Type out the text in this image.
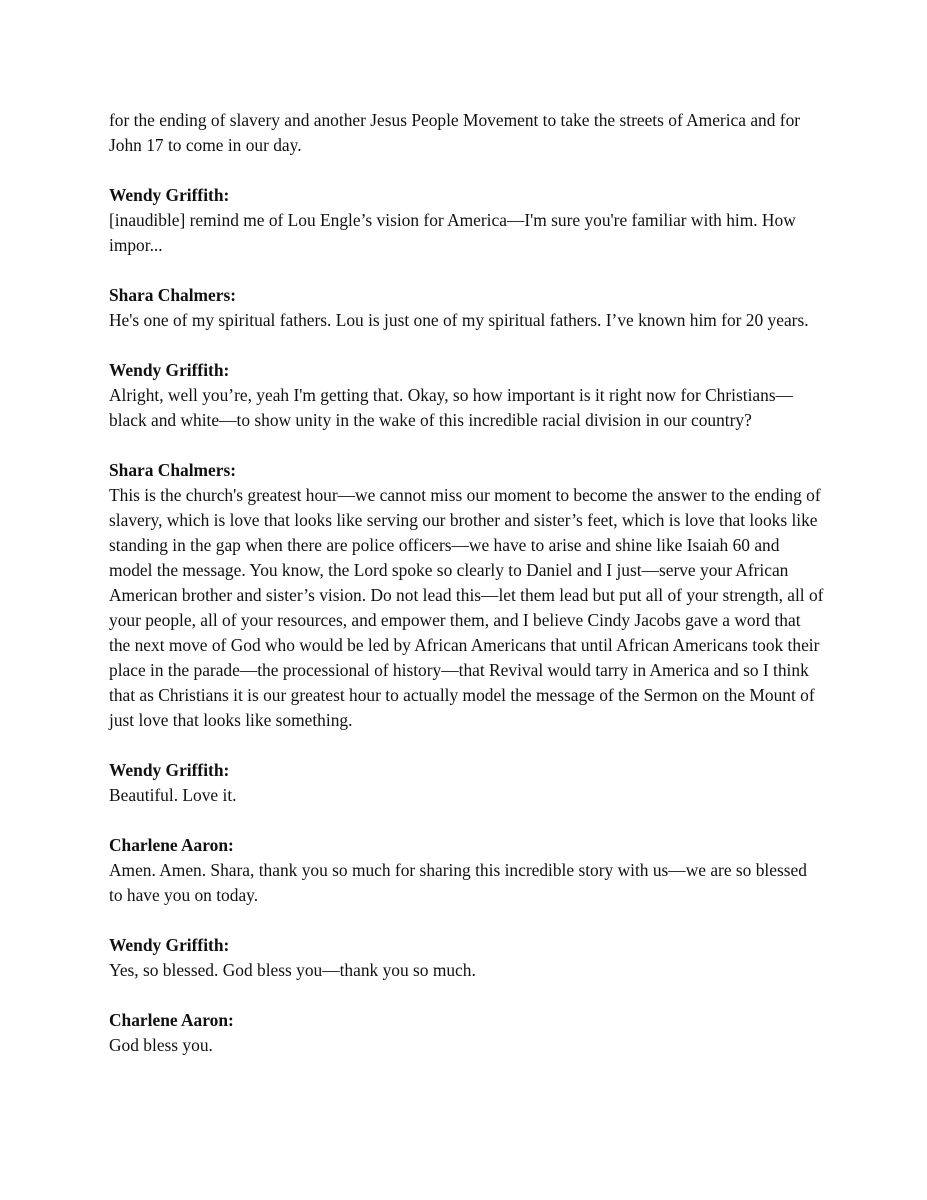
for the ending of slavery and another Jesus People Movement to take the streets of America and for John 17 to come in our day.

Wendy Griffith:
[inaudible] remind me of Lou Engle’s vision for America—I'm sure you're familiar with him. How impor...
Shara Chalmers:
He's one of my spiritual fathers. Lou is just one of my spiritual fathers. I’ve known him for 20 years.
Wendy Griffith:
Alright, well you’re, yeah I'm getting that. Okay, so how important is it right now for Christians—black and white—to show unity in the wake of this incredible racial division in our country?
Shara Chalmers:
This is the church's greatest hour—we cannot miss our moment to become the answer to the ending of slavery, which is love that looks like serving our brother and sister’s feet, which is love that looks like standing in the gap when there are police officers—we have to arise and shine like Isaiah 60 and model the message. You know, the Lord spoke so clearly to Daniel and I just—serve your African American brother and sister’s vision. Do not lead this—let them lead but put all of your strength, all of your people, all of your resources, and empower them, and I believe Cindy Jacobs gave a word that the next move of God who would be led by African Americans that until African Americans took their place in the parade—the processional of history—that Revival would tarry in America and so I think that as Christians it is our greatest hour to actually model the message of the Sermon on the Mount of just love that looks like something.
Wendy Griffith:
Beautiful. Love it.
Charlene Aaron:
Amen. Amen. Shara, thank you so much for sharing this incredible story with us—we are so blessed to have you on today.
Wendy Griffith:
Yes, so blessed. God bless you—thank you so much.
Charlene Aaron:
God bless you.
